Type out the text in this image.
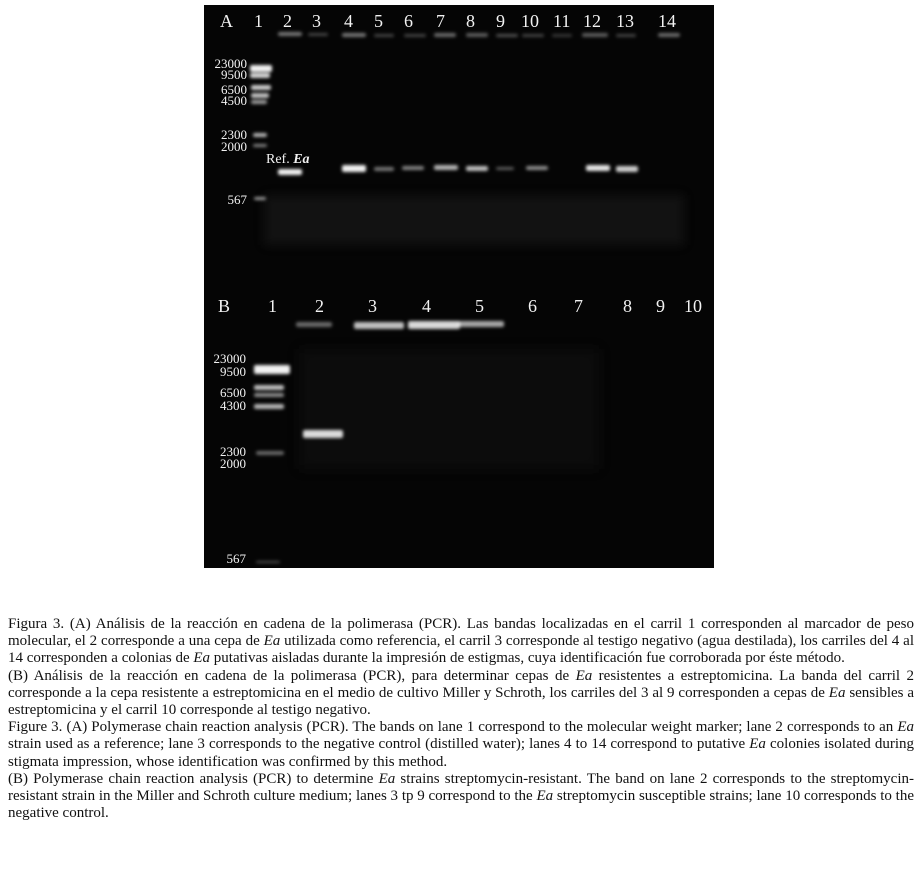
A 1 2 3 4 5 6 7 8 9 10 11 12 13 14
23000
9500
6500
4500
2300
2000
567
Ref. Ea
B 1 2 3	4 5 6 7 8 9 10
23000
9500
6500
4300
2300
2000
567

Figura 3. (A) Análisis de la reacción en cadena de la polimerasa (PCR). Las bandas localizadas en el carril 1 corresponden al marcador de peso molecular, el 2 corresponde a una cepa de Ea utilizada como referencia, el carril 3 corresponde al testigo negativo (agua destilada), los carriles del 4 al 14 corresponden a colonias de Ea putativas aisladas durante la impresión de estigmas, cuya identificación fue corroborada por éste método.

(B) Análisis de la reacción en cadena de la polimerasa (PCR), para determinar cepas de Ea resistentes a estreptomicina. La banda del carril 2 corresponde a la cepa resistente a estreptomicina en el medio de cultivo Miller y Schroth, los carriles del 3 al 9 corresponden a cepas de Ea sensibles a estreptomicina y el carril 10 corresponde al testigo negativo.

Figure 3. (A) Polymerase chain reaction analysis (PCR). The bands on lane 1 correspond to the molecular weight marker; lane 2 corresponds to an Ea strain used as a reference; lane 3 corresponds to the negative control (distilled water); lanes 4 to 14 correspond to putative Ea colonies isolated during stigmata impression, whose identification was confirmed by this method.

(B) Polymerase chain reaction analysis (PCR) to determine Ea strains streptomycin-resistant. The band on lane 2 corresponds to the streptomycin-resistant strain in the Miller and Schroth culture medium; lanes 3 tp 9 correspond to the Ea streptomycin susceptible strains; lane 10 corresponds to the negative control.
